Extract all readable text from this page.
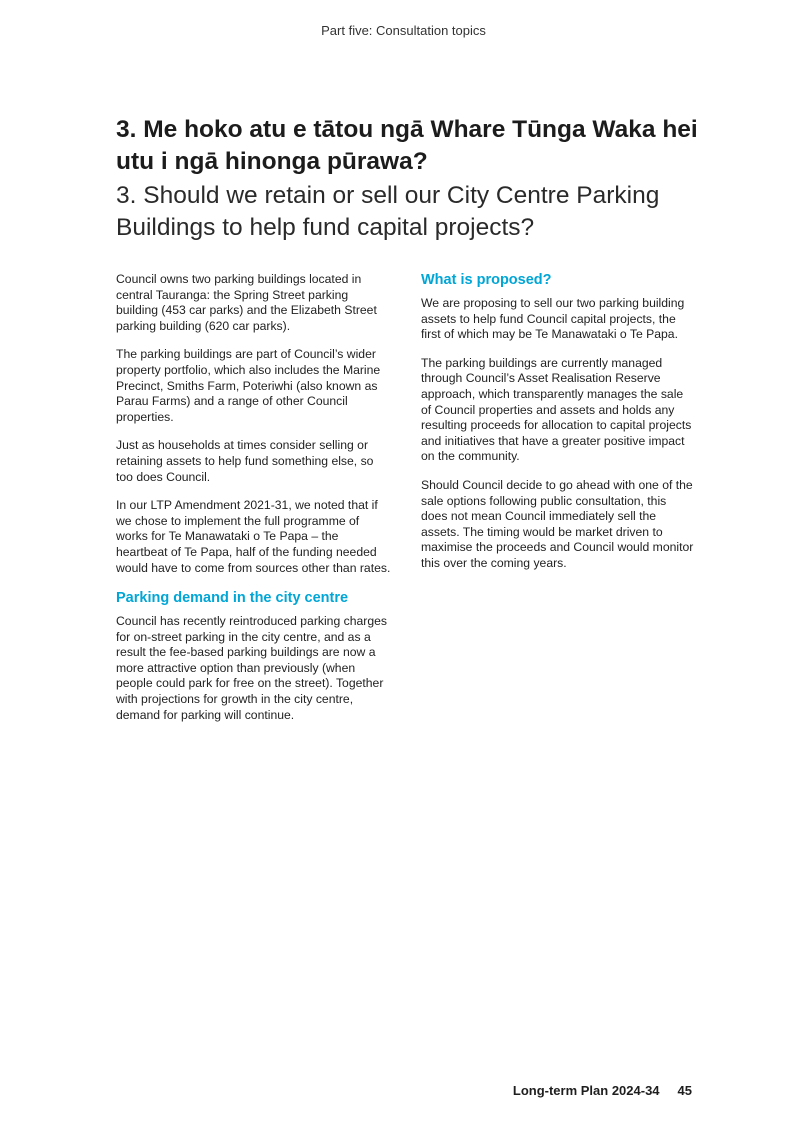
Part five: Consultation topics
3. Me hoko atu e tātou ngā Whare Tūnga Waka hei utu i ngā hinonga pūrawa?
3. Should we retain or sell our City Centre Parking Buildings to help fund capital projects?

Council owns two parking buildings located in central Tauranga: the Spring Street parking building (453 car parks) and the Elizabeth Street parking building (620 car parks).

The parking buildings are part of Council’s wider property portfolio, which also includes the Marine Precinct, Smiths Farm, Poteriwhi (also known as Parau Farms) and a range of other Council properties.

Just as households at times consider selling or retaining assets to help fund something else, so too does Council.

In our LTP Amendment 2021-31, we noted that if we chose to implement the full programme of works for Te Manawataki o Te Papa – the heartbeat of Te Papa, half of the funding needed would have to come from sources other than rates.

Parking demand in the city centre

Council has recently reintroduced parking charges for on-street parking in the city centre, and as a result the fee-based parking buildings are now a more attractive option than previously (when people could park for free on the street). Together with projections for growth in the city centre, demand for parking will continue.

What is proposed?

We are proposing to sell our two parking building assets to help fund Council capital projects, the first of which may be Te Manawataki o Te Papa.

The parking buildings are currently managed through Council’s Asset Realisation Reserve approach, which transparently manages the sale of Council properties and assets and holds any resulting proceeds for allocation to capital projects and initiatives that have a greater positive impact on the community.

Should Council decide to go ahead with one of the sale options following public consultation, this does not mean Council immediately sell the assets. The timing would be market driven to maximise the proceeds and Council would monitor this over the coming years.

Long-term Plan 2024-34 45
